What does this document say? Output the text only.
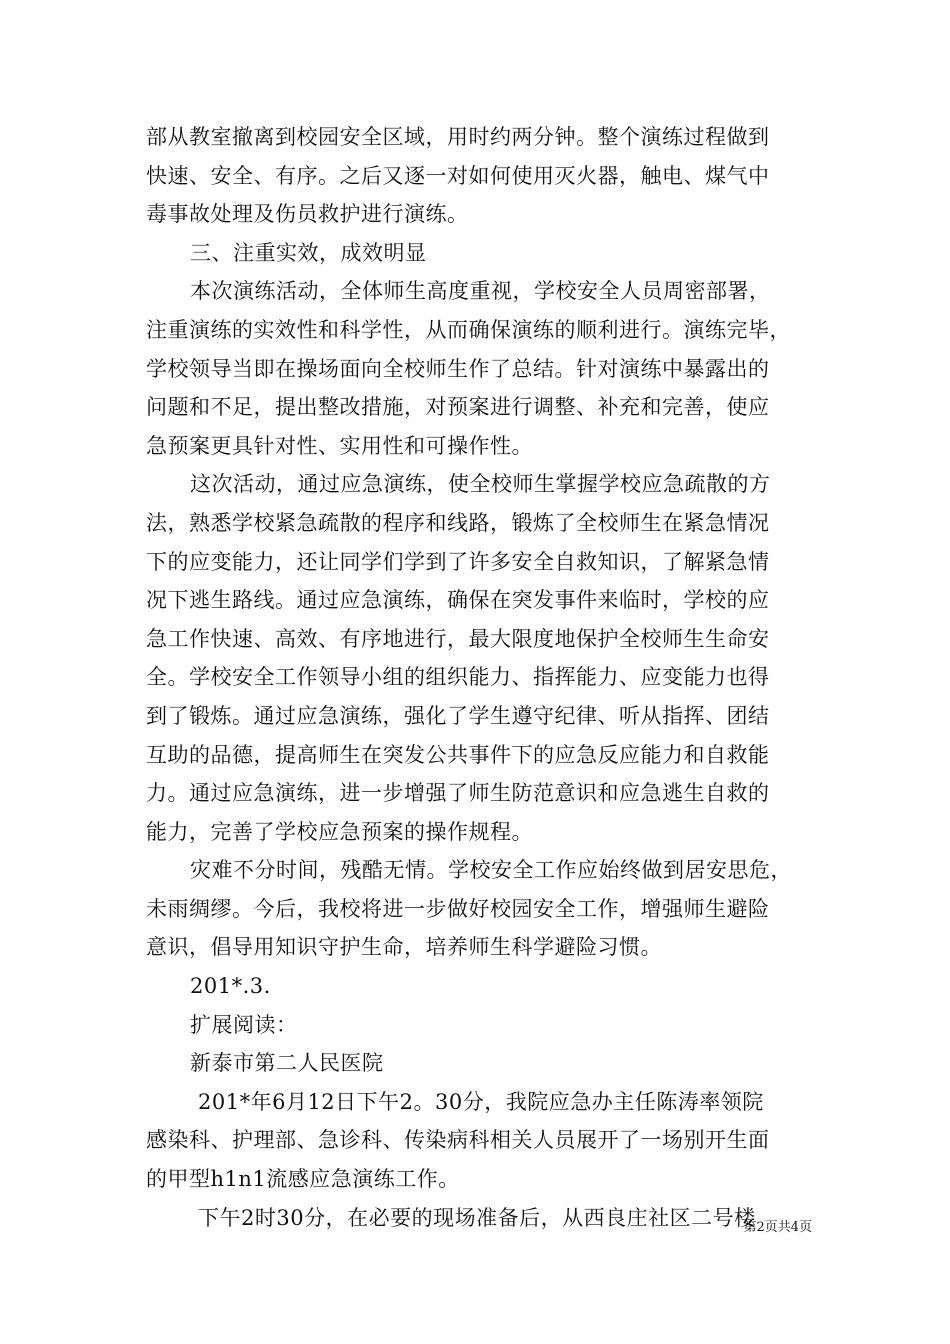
部从教室撤离到校园安全区域，用时约两分钟。整个演练过程做到
快速、安全、有序。之后又逐一对如何使用灭火器，触电、煤气中
毒事故处理及伤员救护进行演练。
三、注重实效，成效明显
本次演练活动，全体师生高度重视，学校安全人员周密部署，
注重演练的实效性和科学性，从而确保演练的顺利进行。演练完毕，
学校领导当即在操场面向全校师生作了总结。针对演练中暴露出的
问题和不足，提出整改措施，对预案进行调整、补充和完善，使应
急预案更具针对性、实用性和可操作性。
这次活动，通过应急演练，使全校师生掌握学校应急疏散的方
法，熟悉学校紧急疏散的程序和线路，锻炼了全校师生在紧急情况
下的应变能力，还让同学们学到了许多安全自救知识，了解紧急情
况下逃生路线。通过应急演练，确保在突发事件来临时，学校的应
急工作快速、高效、有序地进行，最大限度地保护全校师生生命安
全。学校安全工作领导小组的组织能力、指挥能力、应变能力也得
到了锻炼。通过应急演练，强化了学生遵守纪律、听从指挥、团结
互助的品德，提高师生在突发公共事件下的应急反应能力和自救能
力。通过应急演练，进一步增强了师生防范意识和应急逃生自救的
能力，完善了学校应急预案的操作规程。
灾难不分时间，残酷无情。学校安全工作应始终做到居安思危，
未雨绸缪。今后，我校将进一步做好校园安全工作，增强师生避险
意识，倡导用知识守护生命，培养师生科学避险习惯。
201*.3.
扩展阅读：
新泰市第二人民医院
201*年6月12日下午2。30分，我院应急办主任陈涛率领院
感染科、护理部、急诊科、传染病科相关人员展开了一场别开生面
的甲型h1n1流感应急演练工作。
下午2时30分，在必要的现场准备后，从西良庄社区二号楼
第2页共4页
